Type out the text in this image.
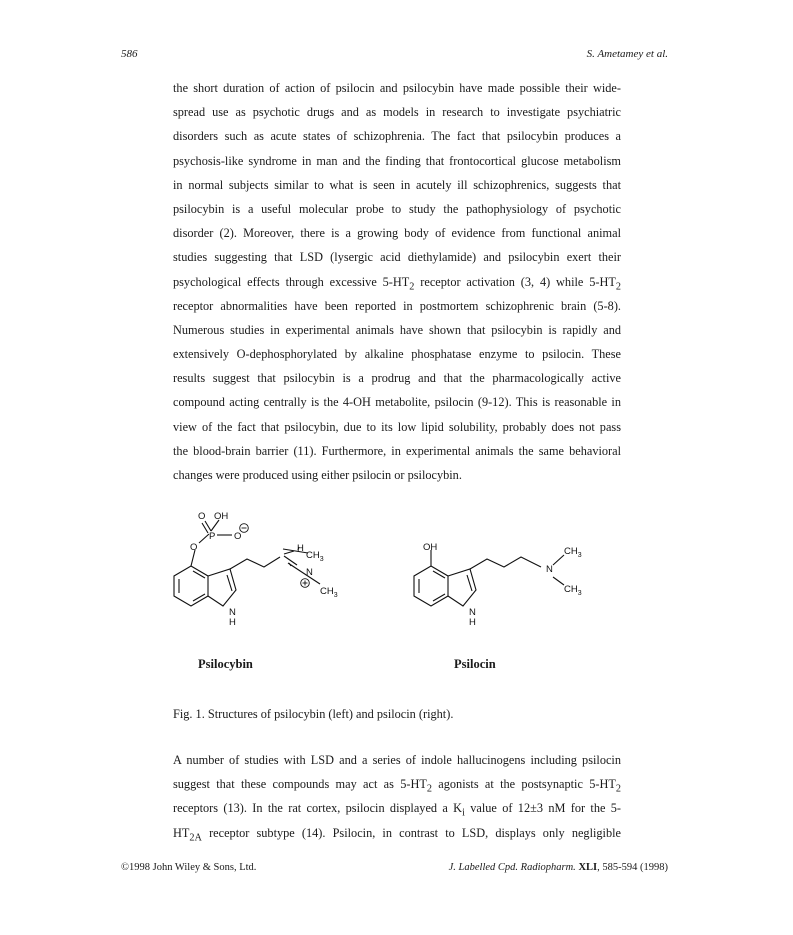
586	S. Ametamey et al.
the short duration of action of psilocin and psilocybin have made possible their wide-
spread use as psychotic drugs and as models in research to investigate psychiatric
disorders such as acute states of schizophrenia. The fact that psilocybin produces a
psychosis-like syndrome in man and the finding that frontocortical glucose metabolism
in normal subjects similar to what is seen in acutely ill schizophrenics, suggests that
psilocybin is a useful molecular probe to study the pathophysiology of psychotic
disorder (2). Moreover, there is a growing body of evidence from functional animal
studies suggesting that LSD (lysergic acid diethylamide) and psilocybin exert their
psychological effects through excessive $5-HT_2$ receptor activation (3, 4) while $5-HT_2$
receptor abnormalities have been reported in postmortem schizophrenic brain (5-8).
Numerous studies in experimental animals have shown that psilocybin is rapidly and
extensively O-dephosphorylated by alkaline phosphatase enzyme to psilocin. These
results suggest that psilocybin is a prodrug and that the pharmacologically active
compound acting centrally is the 4-OH metabolite, psilocin (9-12). This is reasonable in
view of the fact that psilocybin, due to its low lipid solubility, probably does not pass
the blood-brain barrier (11). Furthermore, in experimental animals the same behavioral
changes were produced using either psilocin or psilocybin.
O OH
P O
O	H
$CH_3$
N
$CH_3$
N
H
OH
N
$CH_3$
$CH_3$
N
H
Psilocybin	Psilocin
Fig. 1. Structures of psilocybin (left) and psilocin (right).
A number of studies with LSD and a series of indole hallucinogens including psilocin
suggest that these compounds may act as $5-HT_2$ agonists at the postsynaptic $5-HT_2$
receptors (13). In the rat cortex, psilocin displayed a $K_i$ value of 12±3 nM for the 5-
$HT_{2A}$ receptor subtype (14). Psilocin, in contrast to LSD, displays only negligible
©1998 John Wiley & Sons, Ltd.	J. Labelled Cpd. Radiopharm. XLI, 585-594 (1998)
